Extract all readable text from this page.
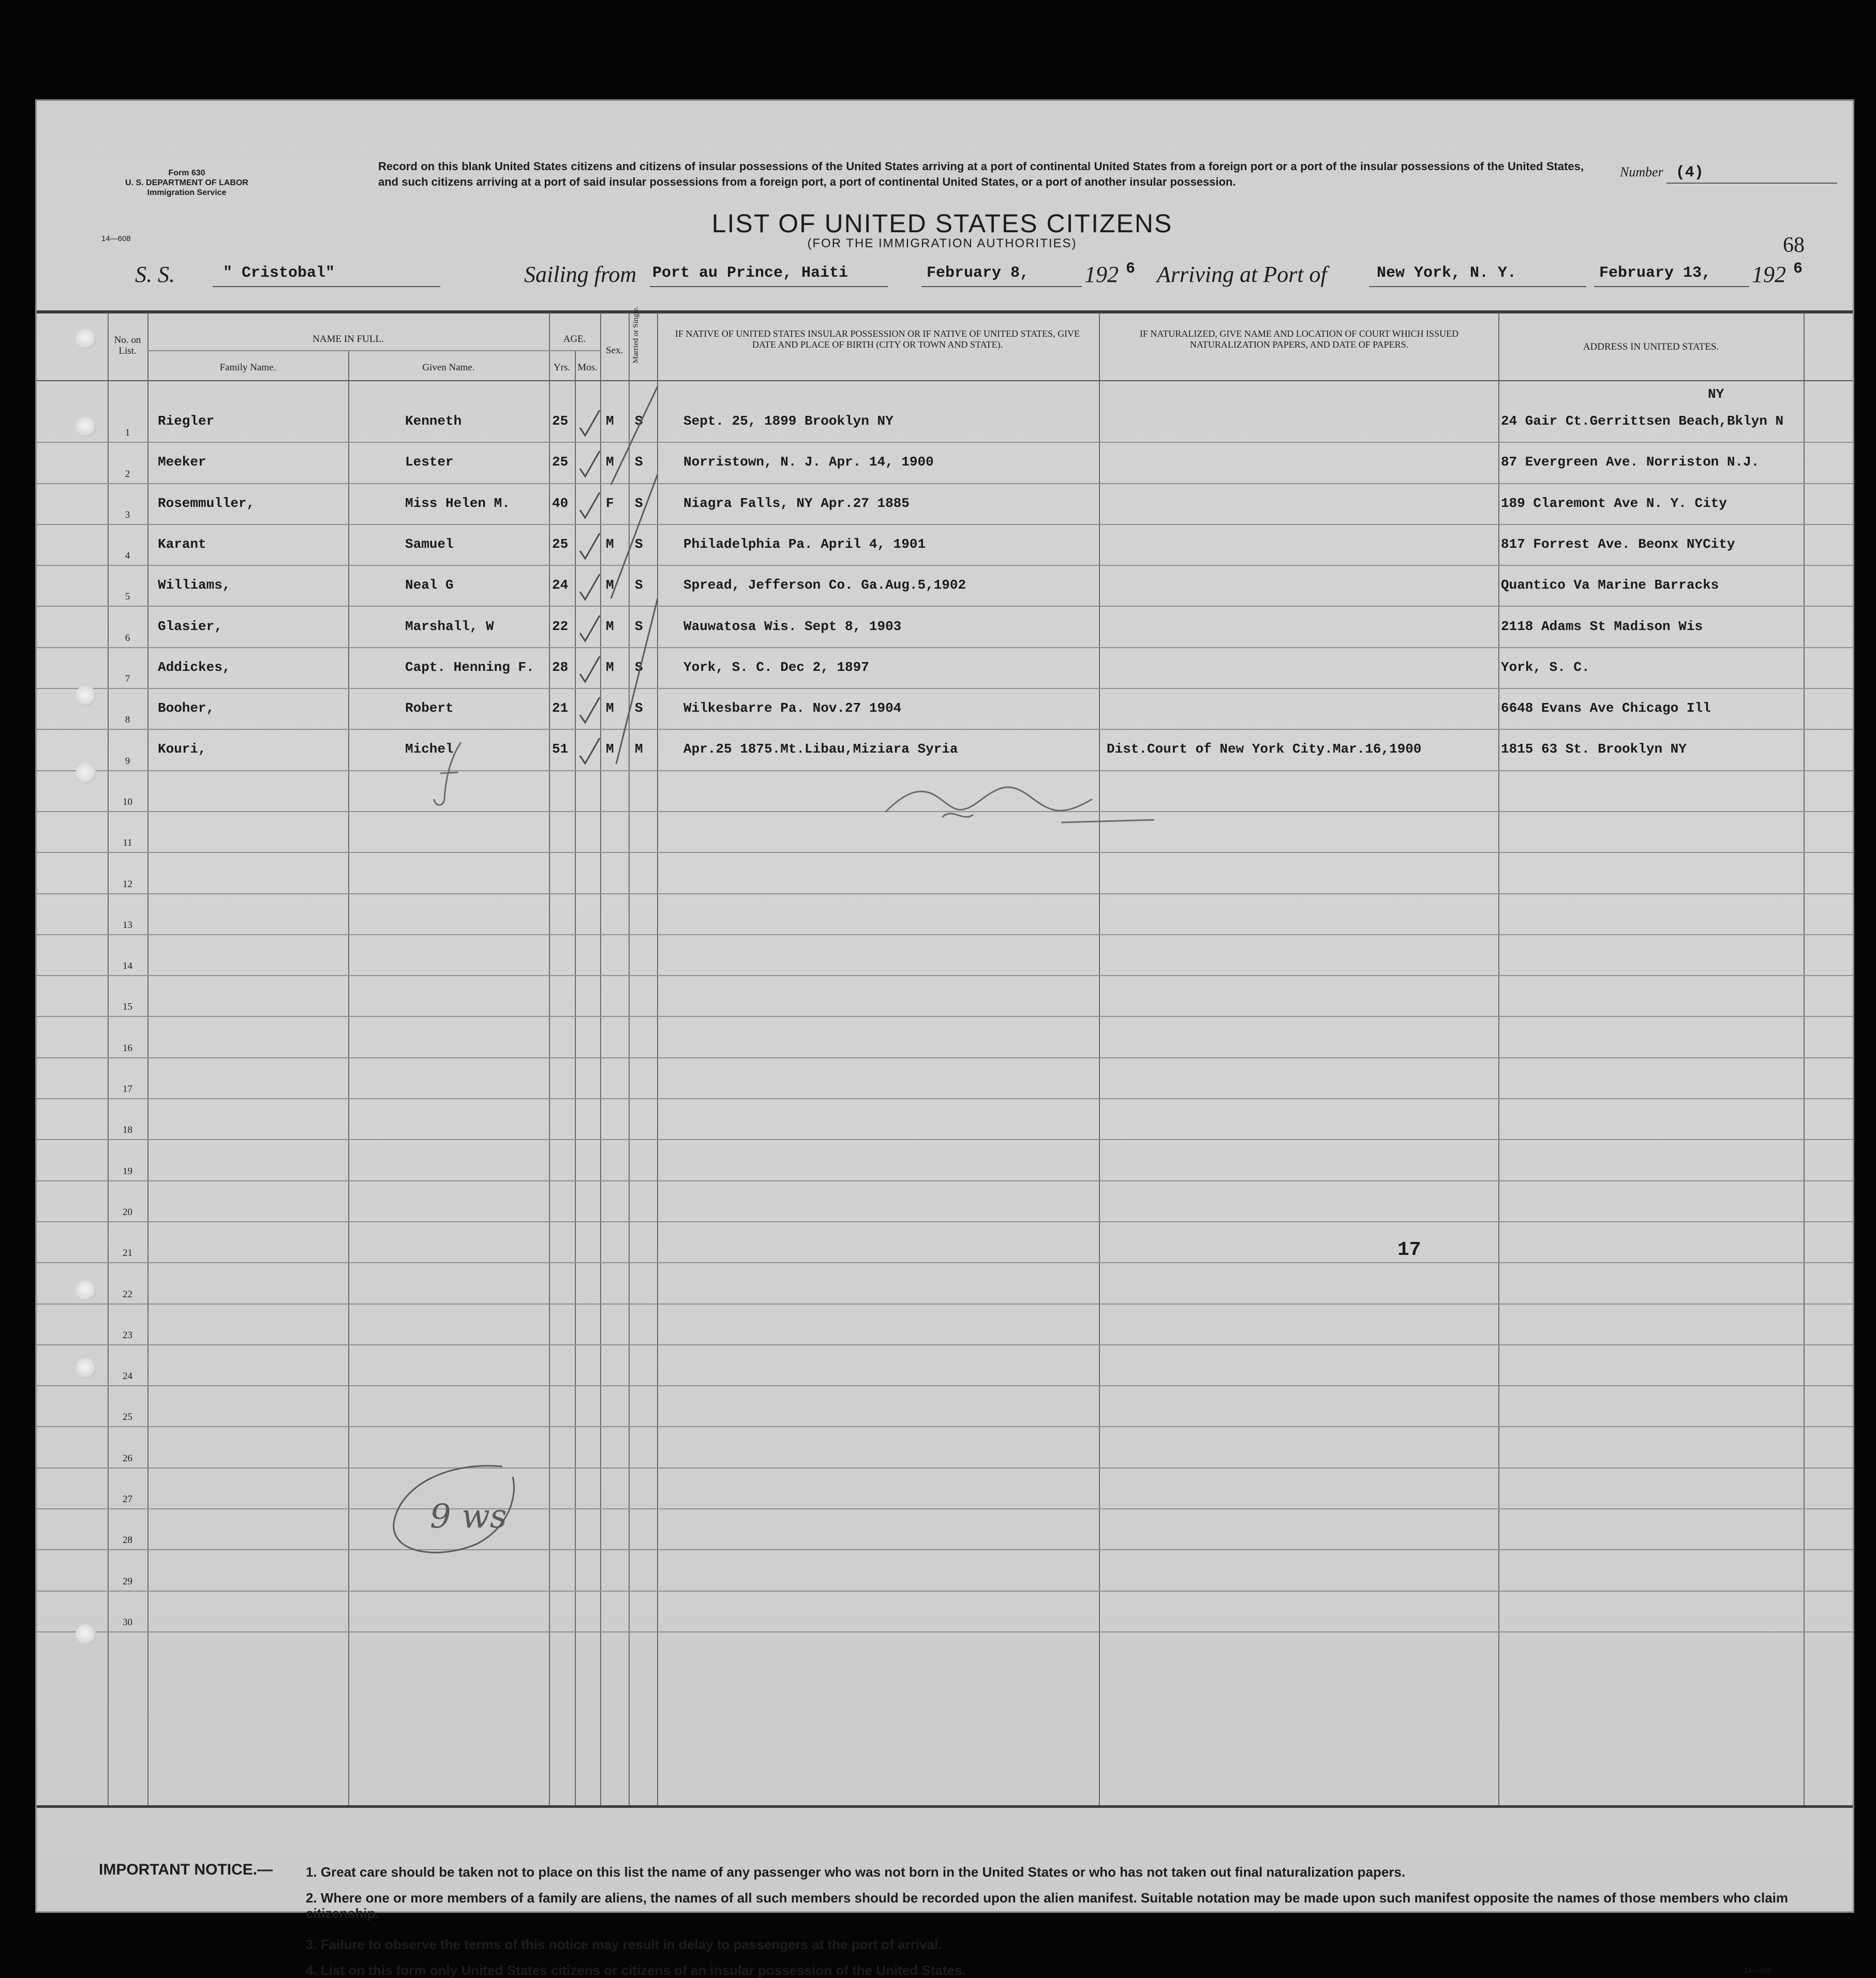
Form 630
U. S. DEPARTMENT OF LABOR
Immigration Service
14—608
Record on this blank United States citizens and citizens of insular possessions of the United States arriving at a port of continental United States from a foreign port or a port of the insular possessions of the United States, and such citizens arriving at a port of said insular possessions from a foreign port, a port of continental United States, or a port of another insular possession.
Number (4)
LIST OF UNITED STATES CITIZENS
(FOR THE IMMIGRATION AUTHORITIES)	68
S. S.	" Cristobal"	Sailing from Port au Prince, Haiti	February 8, 192 6 Arriving at Port of	New York, N. Y.	February 13, 192 6
No. on List.
NAME IN FULL.
Family Name.	Given Name.
AGE.
Yrs. Mos.
Sex.	Married or Single.	IF NATIVE OF UNITED STATES INSULAR POSSESSION OR IF NATIVE OF UNITED STATES, GIVE DATE AND PLACE OF BIRTH (CITY OR TOWN AND STATE).
IF NATURALIZED, GIVE NAME AND LOCATION OF COURT WHICH ISSUED NATURALIZATION PAPERS, AND DATE OF PAPERS.	ADDRESS IN UNITED STATES.
NY
1
Riegler	Kenneth	25	M S	Sept. 25, 1899 Brooklyn NY	24 Gair Ct.Gerrittsen Beach,Bklyn N
2
Meeker	Lester	25	M S	Norristown, N. J. Apr. 14, 1900	87 Evergreen Ave. Norriston N.J.
3
Rosemmuller,	Miss Helen M.	40	F S	Niagra Falls, NY Apr.27 1885	189 Claremont Ave N. Y. City
4
Karant	Samuel	25	M S	Philadelphia Pa. April 4, 1901	817 Forrest Ave. Beonx NYCity
5
Williams,	Neal G	24	M S	Spread, Jefferson Co. Ga.Aug.5,1902	Quantico Va Marine Barracks
6
Glasier,	Marshall, W	22	M S	Wauwatosa Wis. Sept 8, 1903	2118 Adams St Madison Wis
7
Addickes,	Capt. Henning F. 28	M S	York, S. C. Dec 2, 1897	York, S. C.
8
Booher,	Robert	21	M S	Wilkesbarre Pa. Nov.27 1904	6648 Evans Ave Chicago Ill
9
Kouri,	Michel	51	M M	Apr.25 1875.Mt.Libau,Miziara Syria	Dist.Court of New York City.Mar.16,1900	1815 63 St. Brooklyn NY
10
11
12
13
14
15
16
17
18
19
20
21
22
23
24
25
26
27
28
29
30
17
9 ws
IMPORTANT NOTICE.— 1. Great care should be taken not to place on this list the name of any passenger who was not born in the United States or who has not taken out final naturalization papers.
2. Where one or more members of a family are aliens, the names of all such members should be recorded upon the alien manifest. Suitable notation may be made upon such manifest opposite the names of those members who claim citizenship.
3. Failure to observe the terms of this notice may result in delay to passengers at the port of arrival.
4. List on this form only United States citizens or citizens of an insular possession of the United States.	14—608
